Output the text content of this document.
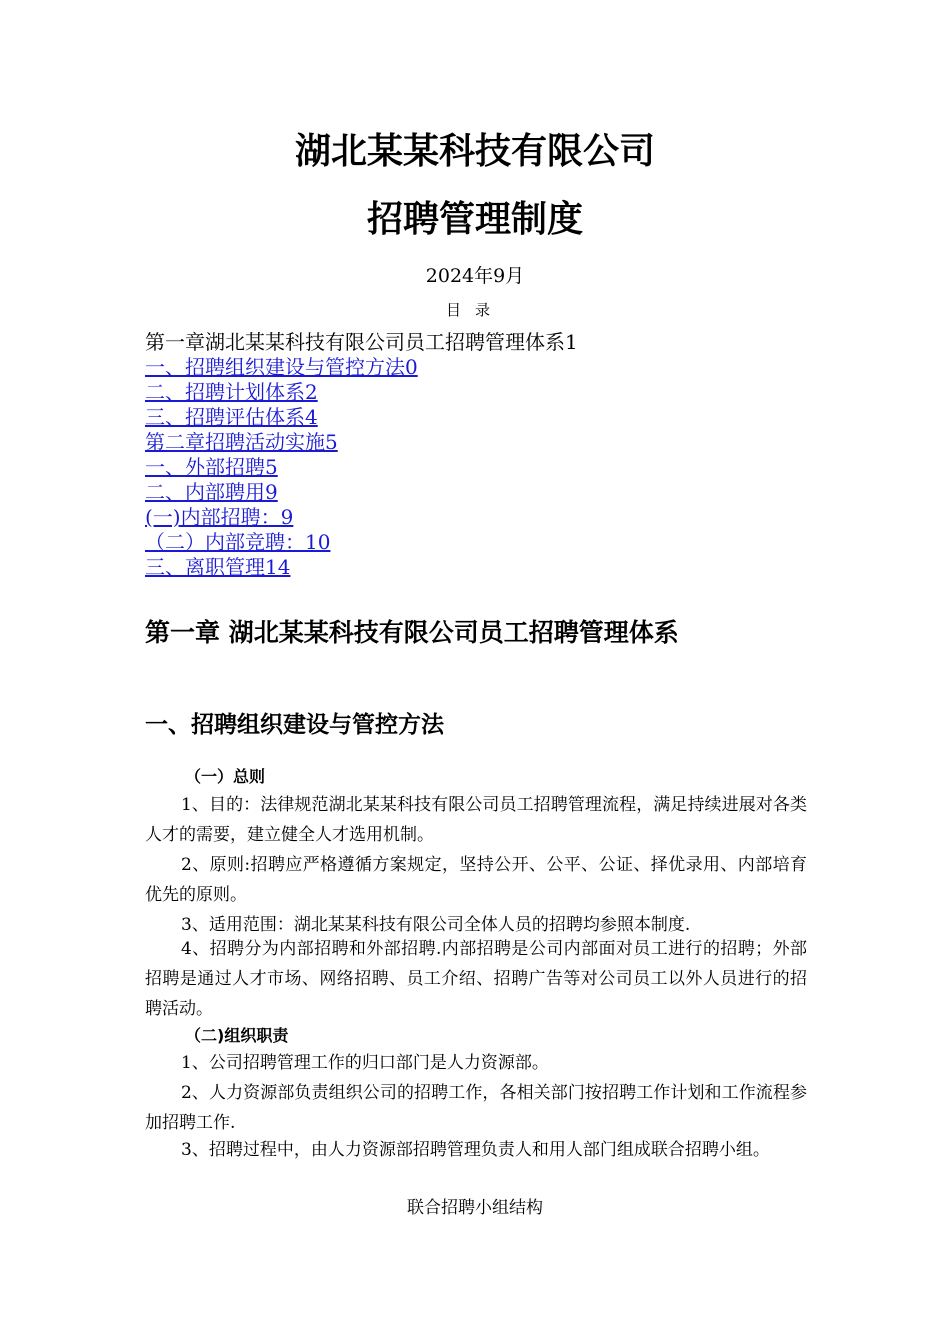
湖北某某科技有限公司
招聘管理制度
2024年9月
目录
第一章湖北某某科技有限公司员工招聘管理体系1
一、招聘组织建设与管控方法0
二、招聘计划体系2
三、招聘评估体系4
第二章招聘活动实施5
一、外部招聘5
二、内部聘用9
(一)内部招聘：9
（二）内部竞聘：10
三、离职管理14
第一章 湖北某某科技有限公司员工招聘管理体系
一、招聘组织建设与管控方法
（一）总则

1、目的：法律规范湖北某某科技有限公司员工招聘管理流程，满足持续进展对各类人才的需要，建立健全人才选用机制。

2、原则:招聘应严格遵循方案规定，坚持公开、公平、公证、择优录用、内部培育优先的原则。

3、适用范围：湖北某某科技有限公司全体人员的招聘均参照本制度.

4、招聘分为内部招聘和外部招聘.内部招聘是公司内部面对员工进行的招聘；外部招聘是通过人才市场、网络招聘、员工介绍、招聘广告等对公司员工以外人员进行的招聘活动。

（二)组织职责

1、公司招聘管理工作的归口部门是人力资源部。

2、人力资源部负责组织公司的招聘工作，各相关部门按招聘工作计划和工作流程参加招聘工作.

3、招聘过程中，由人力资源部招聘管理负责人和用人部门组成联合招聘小组。

联合招聘小组结构
